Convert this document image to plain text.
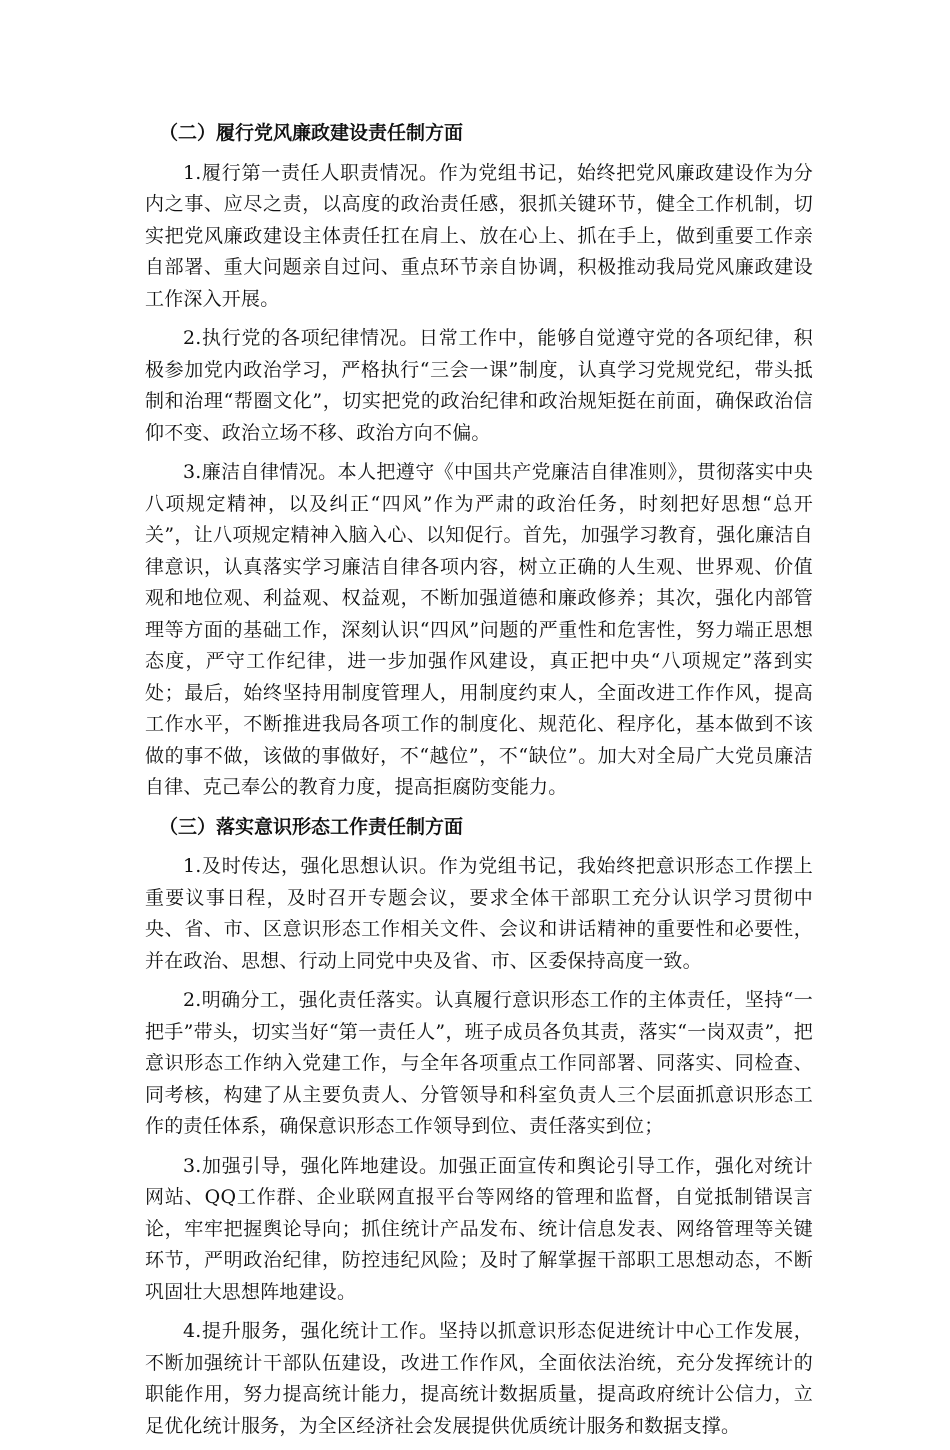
（二）履行党风廉政建设责任制方面

1.履行第一责任人职责情况。作为党组书记，始终把党风廉政建设作为分内之事、应尽之责，以高度的政治责任感，狠抓关键环节，健全工作机制，切实把党风廉政建设主体责任扛在肩上、放在心上、抓在手上，做到重要工作亲自部署、重大问题亲自过问、重点环节亲自协调，积极推动我局党风廉政建设工作深入开展。

2.执行党的各项纪律情况。日常工作中，能够自觉遵守党的各项纪律，积极参加党内政治学习，严格执行“三会一课”制度，认真学习党规党纪，带头抵制和治理“帮圈文化”，切实把党的政治纪律和政治规矩挺在前面，确保政治信仰不变、政治立场不移、政治方向不偏。

3.廉洁自律情况。本人把遵守《中国共产党廉洁自律准则》，贯彻落实中央八项规定精神，以及纠正“四风”作为严肃的政治任务，时刻把好思想“总开关”，让八项规定精神入脑入心、以知促行。首先，加强学习教育，强化廉洁自律意识，认真落实学习廉洁自律各项内容，树立正确的人生观、世界观、价值观和地位观、利益观、权益观，不断加强道德和廉政修养；其次，强化内部管理等方面的基础工作，深刻认识“四风”问题的严重性和危害性，努力端正思想态度，严守工作纪律，进一步加强作风建设，真正把中央“八项规定”落到实处；最后，始终坚持用制度管理人，用制度约束人，全面改进工作作风，提高工作水平，不断推进我局各项工作的制度化、规范化、程序化，基本做到不该做的事不做，该做的事做好，不“越位”，不“缺位”。加大对全局广大党员廉洁自律、克己奉公的教育力度，提高拒腐防变能力。

（三）落实意识形态工作责任制方面

1.及时传达，强化思想认识。作为党组书记，我始终把意识形态工作摆上重要议事日程，及时召开专题会议，要求全体干部职工充分认识学习贯彻中央、省、市、区意识形态工作相关文件、会议和讲话精神的重要性和必要性，并在政治、思想、行动上同党中央及省、市、区委保持高度一致。

2.明确分工，强化责任落实。认真履行意识形态工作的主体责任，坚持“一把手”带头，切实当好“第一责任人”，班子成员各负其责，落实“一岗双责”，把意识形态工作纳入党建工作，与全年各项重点工作同部署、同落实、同检查、同考核，构建了从主要负责人、分管领导和科室负责人三个层面抓意识形态工作的责任体系，确保意识形态工作领导到位、责任落实到位；

3.加强引导，强化阵地建设。加强正面宣传和舆论引导工作，强化对统计网站、QQ工作群、企业联网直报平台等网络的管理和监督，自觉抵制错误言论，牢牢把握舆论导向；抓住统计产品发布、统计信息发表、网络管理等关键环节，严明政治纪律，防控违纪风险；及时了解掌握干部职工思想动态，不断巩固壮大思想阵地建设。

4.提升服务，强化统计工作。坚持以抓意识形态促进统计中心工作发展，不断加强统计干部队伍建设，改进工作作风，全面依法治统，充分发挥统计的职能作用，努力提高统计能力，提高统计数据质量，提高政府统计公信力，立足优化统计服务，为全区经济社会发展提供优质统计服务和数据支撑。
